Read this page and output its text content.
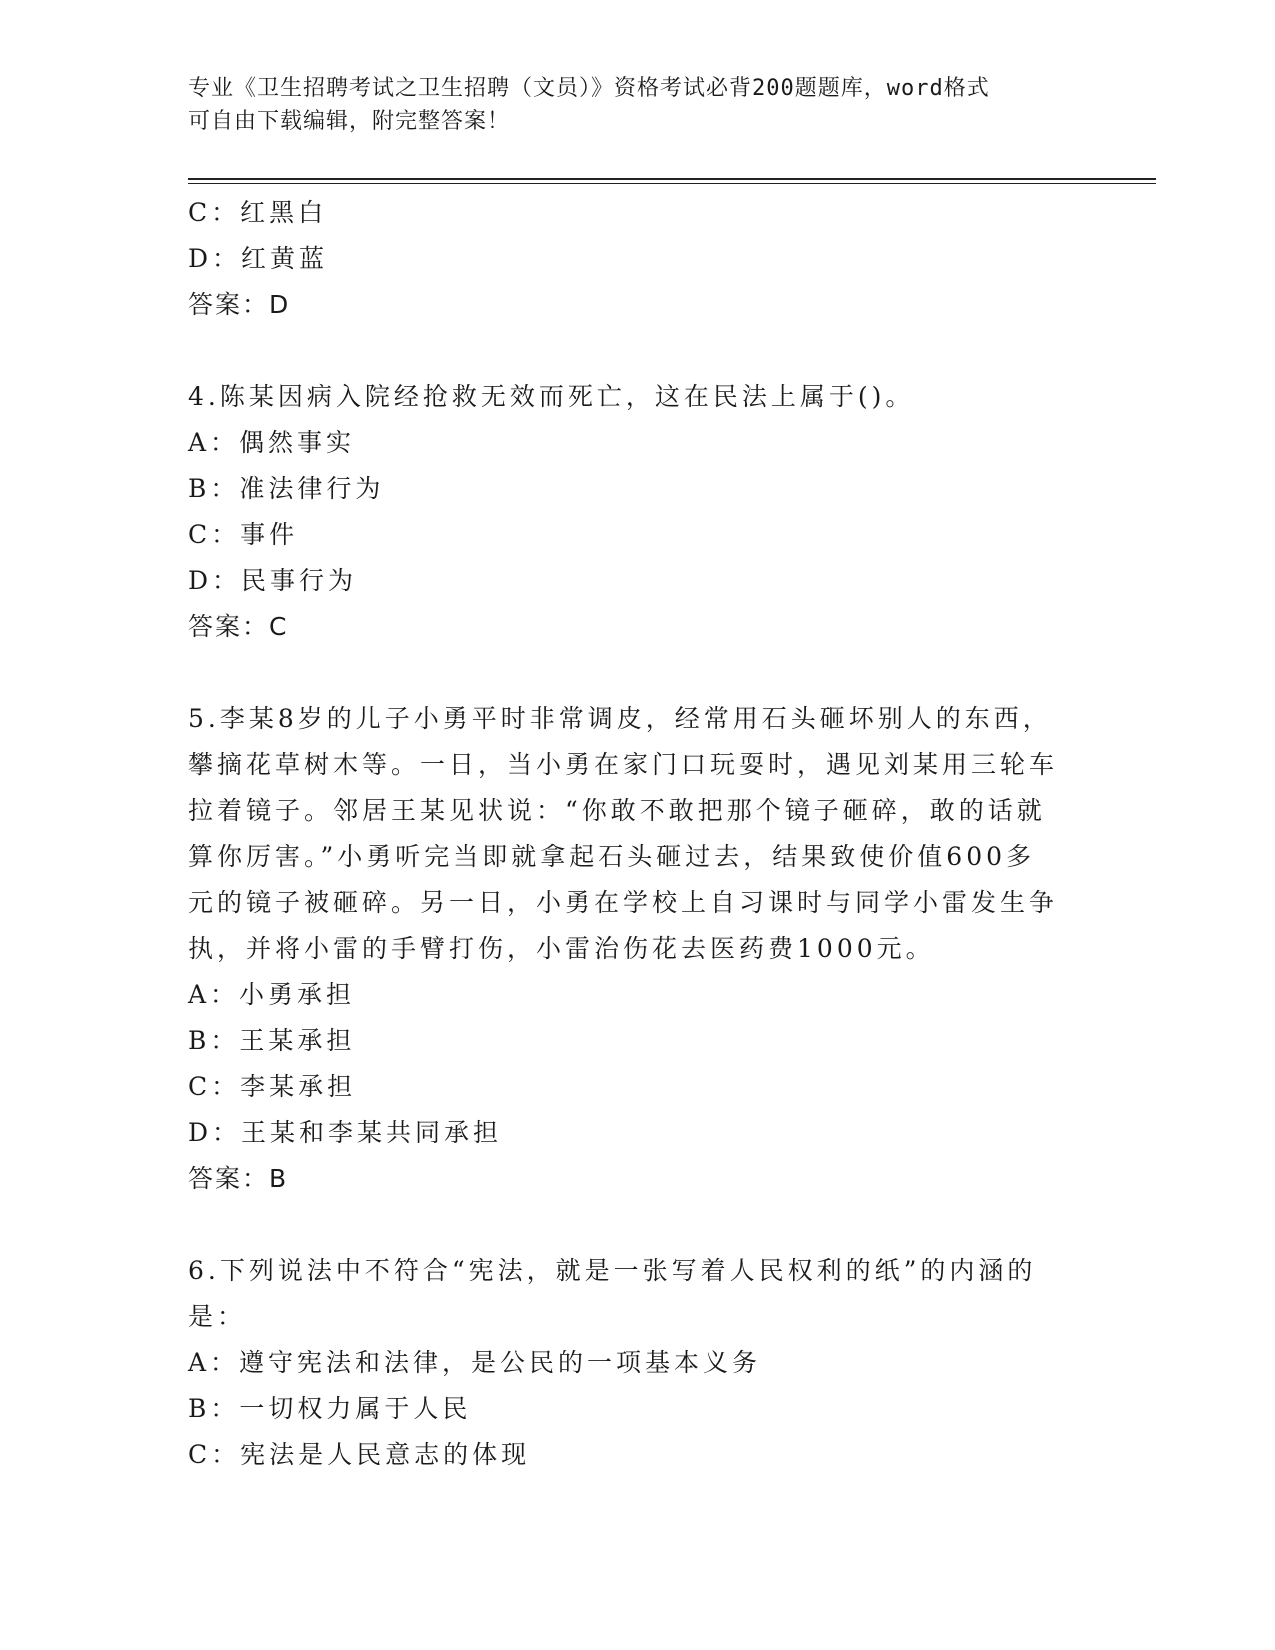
专业《卫生招聘考试之卫生招聘（文员）》资格考试必背200题题库，word格式
可自由下载编辑，附完整答案！
C：红黑白
D：红黄蓝
答案：D
4.陈某因病入院经抢救无效而死亡，这在民法上属于()。
A：偶然事实
B：准法律行为
C：事件
D：民事行为
答案：C
5.李某8岁的儿子小勇平时非常调皮，经常用石头砸坏别人的东西，
攀摘花草树木等。一日，当小勇在家门口玩耍时，遇见刘某用三轮车
拉着镜子。邻居王某见状说：“你敢不敢把那个镜子砸碎，敢的话就
算你厉害。”小勇听完当即就拿起石头砸过去，结果致使价值600多
元的镜子被砸碎。另一日，小勇在学校上自习课时与同学小雷发生争
执，并将小雷的手臂打伤，小雷治伤花去医药费1000元。
A：小勇承担
B：王某承担
C：李某承担
D：王某和李某共同承担
答案：B
6.下列说法中不符合“宪法，就是一张写着人民权利的纸”的内涵的
是：
A：遵守宪法和法律，是公民的一项基本义务
B：一切权力属于人民
C：宪法是人民意志的体现
